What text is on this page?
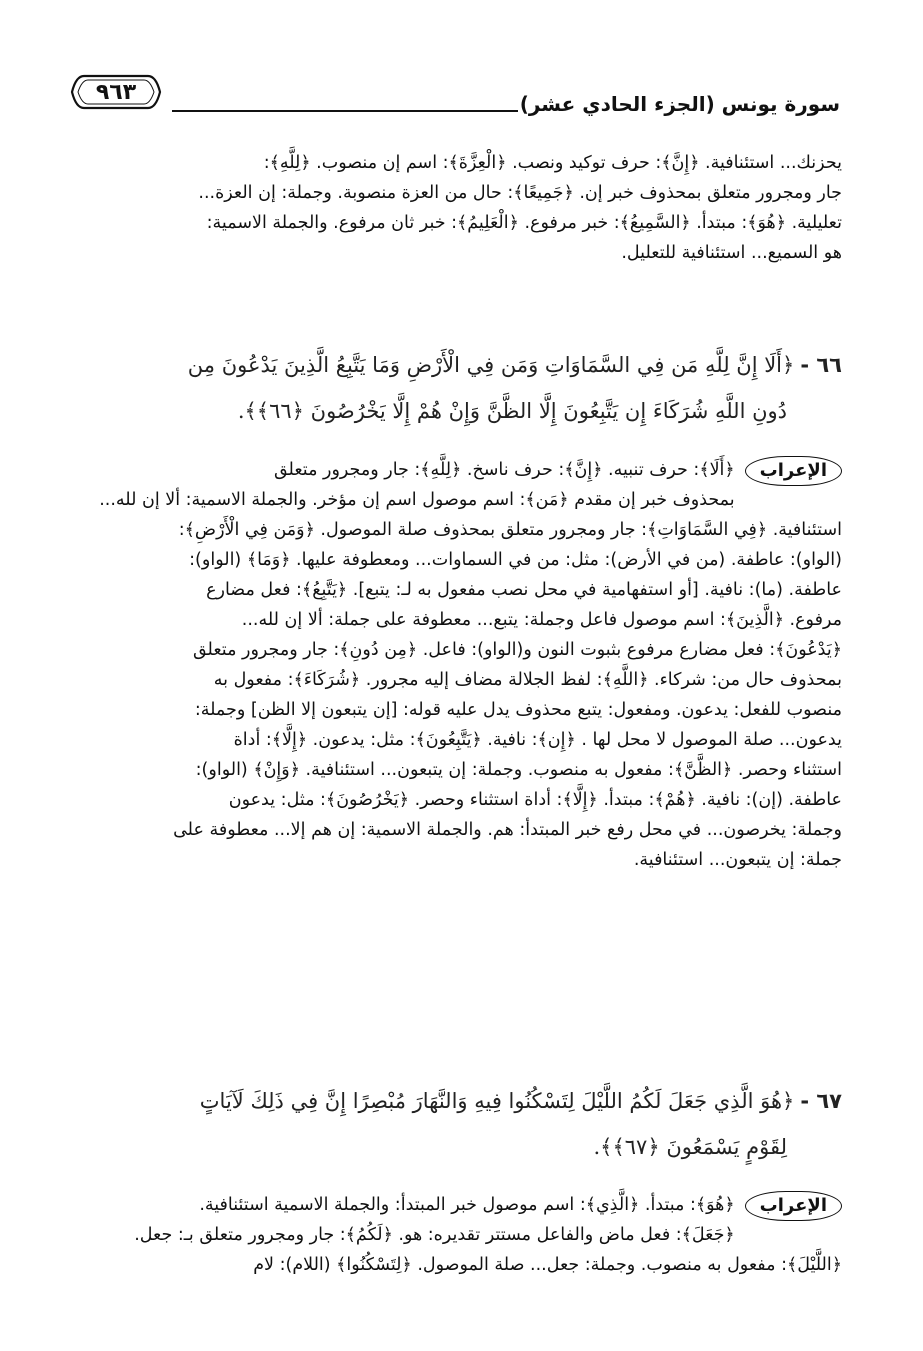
سورة يونس (الجزء الحادي عشر)
٩٦٣

يحزنك... استئنافية. ﴿إِنَّ﴾: حرف توكيد ونصب. ﴿الْعِزَّةَ﴾: اسم إن منصوب. ﴿لِلَّهِ﴾:

جار ومجرور متعلق بمحذوف خبر إن. ﴿جَمِيعًا﴾: حال من العزة منصوبة. وجملة: إن العزة...

تعليلية. ﴿هُوَ﴾: مبتدأ. ﴿السَّمِيعُ﴾: خبر مرفوع. ﴿الْعَلِيمُ﴾: خبر ثان مرفوع. والجملة الاسمية:

هو السميع... استئنافية للتعليل.

٦٦ -﴿أَلَا إِنَّ لِلَّهِ مَن فِي السَّمَاوَاتِ وَمَن فِي الْأَرْضِ وَمَا يَتَّبِعُ الَّذِينَ يَدْعُونَ مِن

دُونِ اللَّهِ شُرَكَاءَ إِن يَتَّبِعُونَ إِلَّا الظَّنَّ وَإِنْ هُمْ إِلَّا يَخْرُصُونَ ﴿٦٦﴾﴾.

الإعراب
﴿أَلَا﴾: حرف تنبيه. ﴿إِنَّ﴾: حرف ناسخ. ﴿لِلَّهِ﴾: جار ومجرور متعلق

بمحذوف خبر إن مقدم ﴿مَن﴾: اسم موصول اسم إن مؤخر. والجملة الاسمية: ألا إن لله...

استئنافية. ﴿فِي السَّمَاوَاتِ﴾: جار ومجرور متعلق بمحذوف صلة الموصول. ﴿وَمَن فِي الْأَرْضِ﴾:

(الواو): عاطفة. (من في الأرض): مثل: من في السماوات... ومعطوفة عليها. ﴿وَمَا﴾ (الواو):

عاطفة. (ما): نافية. [أو استفهامية في محل نصب مفعول به لـ: يتبع]. ﴿يَتَّبِعُ﴾: فعل مضارع

مرفوع. ﴿الَّذِينَ﴾: اسم موصول فاعل وجملة: يتبع... معطوفة على جملة: ألا إن لله...

﴿يَدْعُونَ﴾: فعل مضارع مرفوع بثبوت النون و(الواو): فاعل. ﴿مِن دُونِ﴾: جار ومجرور متعلق

بمحذوف حال من: شركاء. ﴿اللَّهِ﴾: لفظ الجلالة مضاف إليه مجرور. ﴿شُرَكَاءَ﴾: مفعول به

منصوب للفعل: يدعون. ومفعول: يتبع محذوف يدل عليه قوله: [إن يتبعون إلا الظن] وجملة:

يدعون... صلة الموصول لا محل لها . ﴿إِن﴾: نافية. ﴿يَتَّبِعُونَ﴾: مثل: يدعون. ﴿إِلَّا﴾: أداة

استثناء وحصر. ﴿الظَّنَّ﴾: مفعول به منصوب. وجملة: إن يتبعون... استئنافية. ﴿وَإِنْ﴾ (الواو):

عاطفة. (إن): نافية. ﴿هُمْ﴾: مبتدأ. ﴿إِلَّا﴾: أداة استثناء وحصر. ﴿يَخْرُصُونَ﴾: مثل: يدعون

وجملة: يخرصون... في محل رفع خبر المبتدأ: هم. والجملة الاسمية: إن هم إلا... معطوفة على

جملة: إن يتبعون... استئنافية.

٦٧ -﴿هُوَ الَّذِي جَعَلَ لَكُمُ اللَّيْلَ لِتَسْكُنُوا فِيهِ وَالنَّهَارَ مُبْصِرًا إِنَّ فِي ذَلِكَ لَآيَاتٍ

لِقَوْمٍ يَسْمَعُونَ ﴿٦٧﴾﴾.

الإعراب
﴿هُوَ﴾: مبتدأ. ﴿الَّذِي﴾: اسم موصول خبر المبتدأ: والجملة الاسمية استئنافية.

﴿جَعَلَ﴾: فعل ماض والفاعل مستتر تقديره: هو. ﴿لَكُمُ﴾: جار ومجرور متعلق بـ: جعل.

﴿اللَّيْلَ﴾: مفعول به منصوب. وجملة: جعل... صلة الموصول. ﴿لِتَسْكُنُوا﴾ (اللام): لام
